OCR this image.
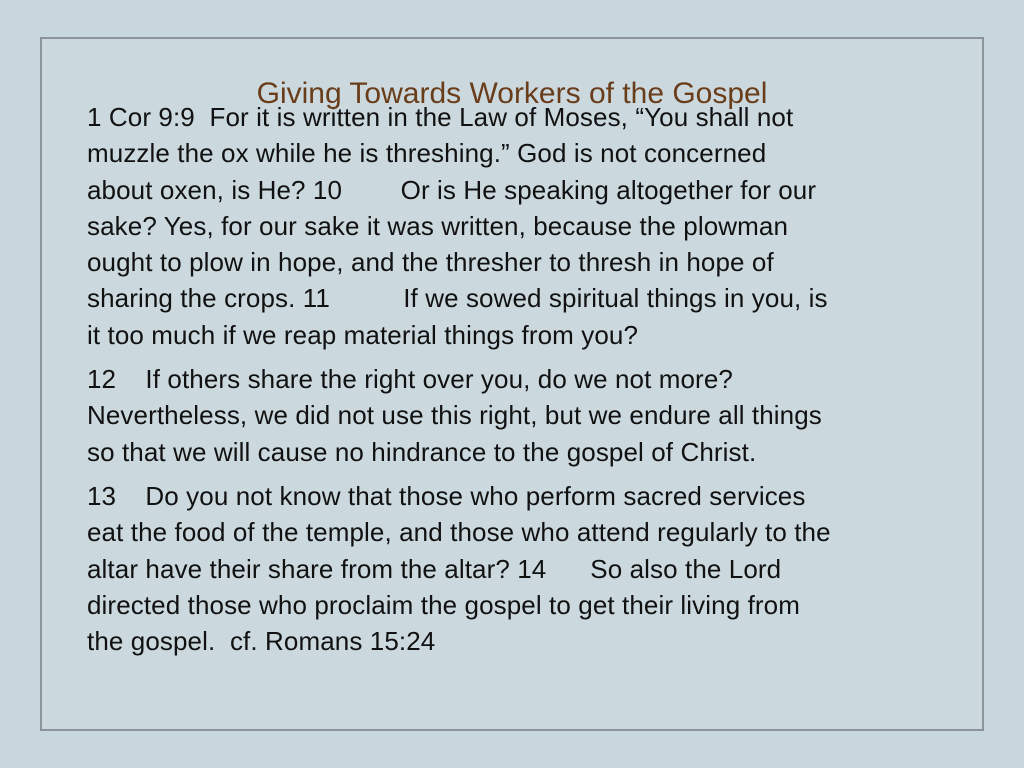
1 Cor 9:9  For it is written in the Law of Moses, “You shall not
muzzle the ox while he is threshing.” God is not concerned
about oxen, is He? 10        Or is He speaking altogether for our
sake? Yes, for our sake it was written, because the plowman
ought to plow in hope, and the thresher to thresh in hope of
sharing the crops. 11          If we sowed spiritual things in you, is
it too much if we reap material things from you?
12    If others share the right over you, do we not more?
Nevertheless, we did not use this right, but we endure all things
so that we will cause no hindrance to the gospel of Christ.
13    Do you not know that those who perform sacred services
eat the food of the temple, and those who attend regularly to the
altar have their share from the altar? 14      So also the Lord
directed those who proclaim the gospel to get their living from
the gospel.  cf. Romans 15:24
Giving Towards Workers of the Gospel
